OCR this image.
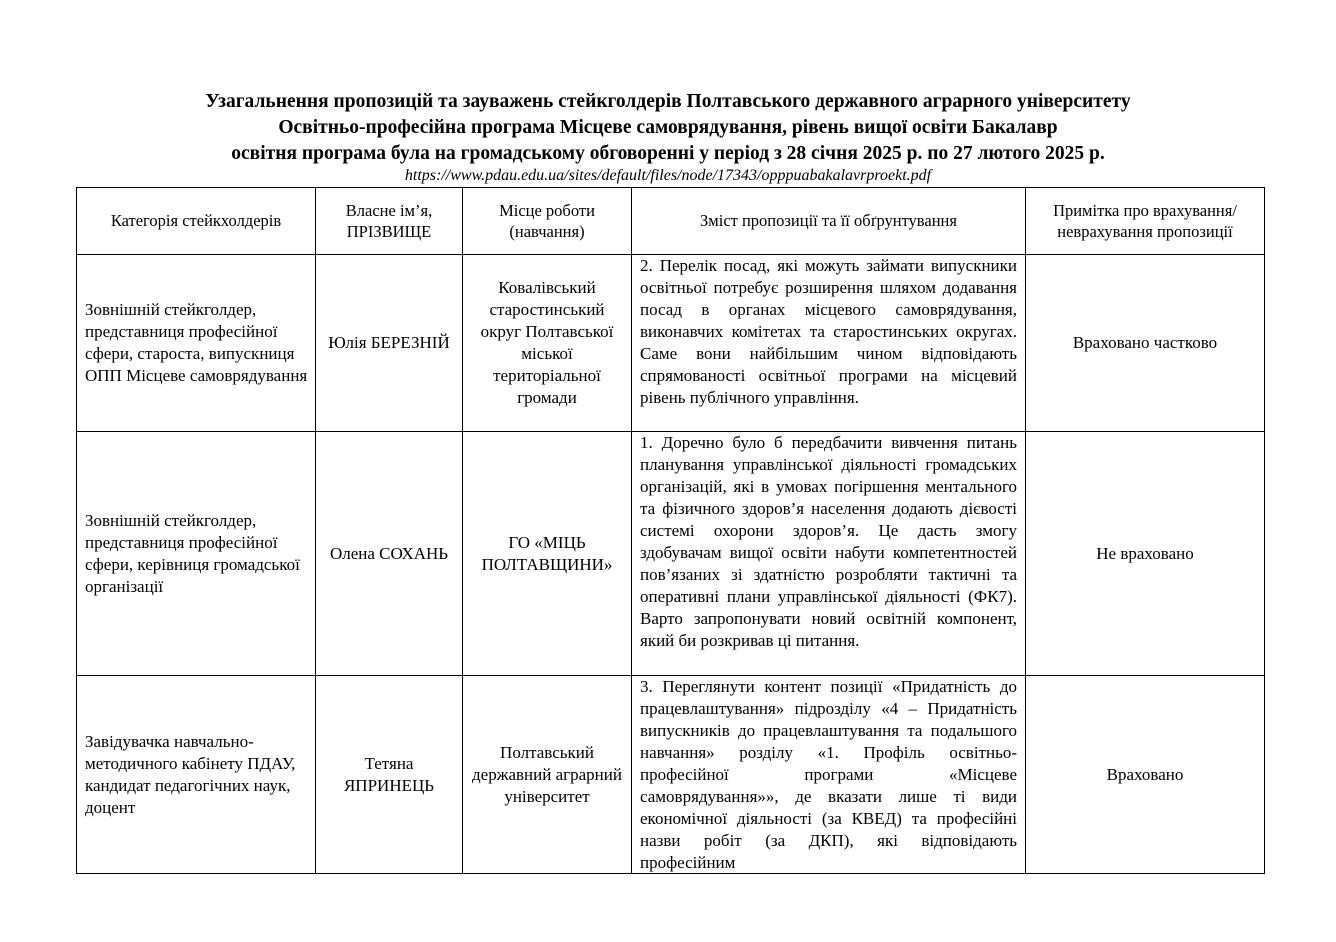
Узагальнення пропозицій та зауважень стейкголдерів Полтавського державного аграрного університету
Освітньо-професійна програма Місцеве самоврядування, рівень вищої освіти Бакалавр
освітня програма була на громадському обговоренні у період з 28 січня 2025 р. по 27 лютого 2025 р.
https://www.pdau.edu.ua/sites/default/files/node/17343/opppuabakalavrproekt.pdf
Категорія стейкхолдерів	Власне ім’я, ПРІЗВИЩЕ	Місце роботи (навчання)	Зміст пропозиції та її обґрунтування	Примітка про врахування/неврахування пропозиції
Зовнішній стейкголдер, представниця професійної сфери, староста, випускниця ОПП Місцеве самоврядування	Юлія БЕРЕЗНІЙ	Ковалівський старостинський округ Полтавської міської територіальної громади	2. Перелік посад, які можуть займати випускники освітньої потребує розширення шляхом додавання посад в органах місцевого самоврядування, виконавчих комітетах та старостинських округах. Саме вони найбільшим чином відповідають спрямованості освітньої програми на місцевий рівень публічного управління.	Враховано частково
Зовнішній стейкголдер, представниця професійної сфери, керівниця громадської організації	Олена СОХАНЬ	ГО «МІЦЬ ПОЛТАВЩИНИ»	1. Доречно було б передбачити вивчення питань планування управлінської діяльності громадських організацій, які в умовах погіршення ментального та фізичного здоров’я населення додають дієвості системі охорони здоров’я. Це дасть змогу здобувачам вищої освіти набути компетентностей пов’язаних зі здатністю розробляти тактичні та оперативні плани управлінської діяльності (ФК7). Варто запропонувати новий освітній компонент, який би розкривав ці питання.	Не враховано
Завідувачка навчально-методичного кабінету ПДАУ, кандидат педагогічних наук, доцент	Тетяна ЯПРИНЕЦЬ	Полтавський державний аграрний університет	3. Переглянути контент позиції «Придатність до працевлаштування» підрозділу «4 – Придатність випускників до працевлаштування та подальшого навчання» розділу «1. Профіль освітньо-професійної програми «Місцеве самоврядування»», де вказати лише ті види економічної діяльності (за КВЕД) та професійні назви робіт (за ДКП), які відповідають професійним	Враховано
